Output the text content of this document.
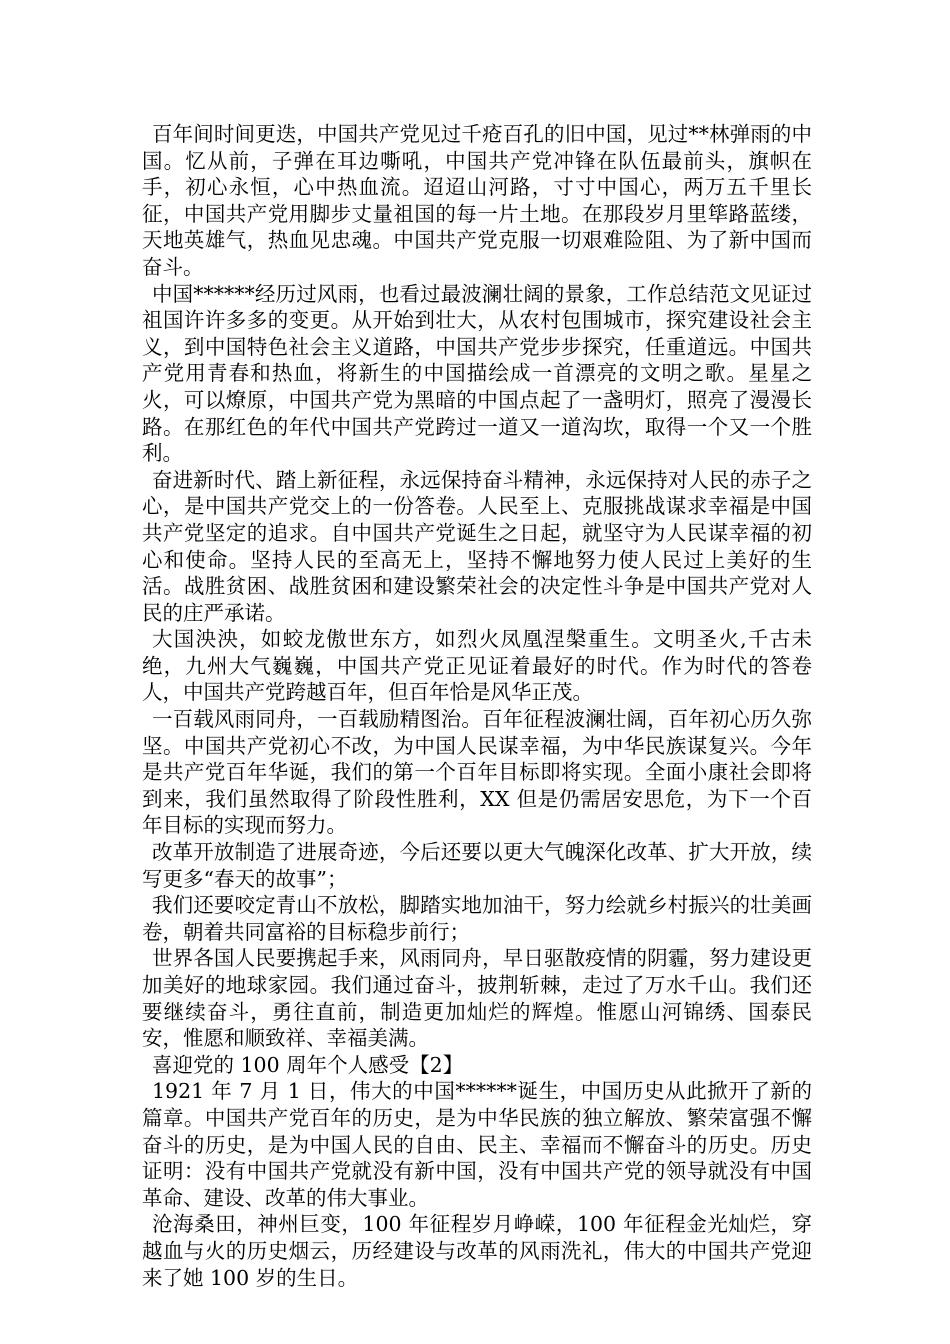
百年间时间更迭，中国共产党见过千疮百孔的旧中国，见过**林弹雨的中国。忆从前，子弹在耳边嘶吼，中国共产党冲锋在队伍最前头，旗帜在手，初心永恒，心中热血流。迢迢山河路，寸寸中国心，两万五千里长征，中国共产党用脚步丈量祖国的每一片土地。在那段岁月里筚路蓝缕，天地英雄气，热血见忠魂。中国共产党克服一切艰难险阻、为了新中国而奋斗。

中国******经历过风雨，也看过最波澜壮阔的景象，工作总结范文见证过祖国许许多多的变更。从开始到壮大，从农村包围城市，探究建设社会主义，到中国特色社会主义道路，中国共产党步步探究，任重道远。中国共产党用青春和热血，将新生的中国描绘成一首漂亮的文明之歌。星星之火，可以燎原，中国共产党为黑暗的中国点起了一盏明灯，照亮了漫漫长路。在那红色的年代中国共产党跨过一道又一道沟坎，取得一个又一个胜利。

奋进新时代、踏上新征程，永远保持奋斗精神，永远保持对人民的赤子之心，是中国共产党交上的一份答卷。人民至上、克服挑战谋求幸福是中国共产党坚定的追求。自中国共产党诞生之日起，就坚守为人民谋幸福的初心和使命。坚持人民的至高无上，坚持不懈地努力使人民过上美好的生活。战胜贫困、战胜贫困和建设繁荣社会的决定性斗争是中国共产党对人民的庄严承诺。

大国泱泱，如蛟龙傲世东方，如烈火凤凰涅槃重生。文明圣火,千古未绝，九州大气巍巍，中国共产党正见证着最好的时代。作为时代的答卷人，中国共产党跨越百年，但百年恰是风华正茂。

一百载风雨同舟，一百载励精图治。百年征程波澜壮阔，百年初心历久弥坚。中国共产党初心不改，为中国人民谋幸福，为中华民族谋复兴。今年是共产党百年华诞，我们的第一个百年目标即将实现。全面小康社会即将到来，我们虽然取得了阶段性胜利，XX 但是仍需居安思危，为下一个百年目标的实现而努力。

改革开放制造了进展奇迹，今后还要以更大气魄深化改革、扩大开放，续写更多“春天的故事”；

我们还要咬定青山不放松，脚踏实地加油干，努力绘就乡村振兴的壮美画卷，朝着共同富裕的目标稳步前行；

世界各国人民要携起手来，风雨同舟，早日驱散疫情的阴霾，努力建设更加美好的地球家园。我们通过奋斗，披荆斩棘，走过了万水千山。我们还要继续奋斗，勇往直前，制造更加灿烂的辉煌。惟愿山河锦绣、国泰民安，惟愿和顺致祥、幸福美满。

喜迎党的 100 周年个人感受【2】

1921 年 7 月 1 日，伟大的中国******诞生，中国历史从此掀开了新的篇章。中国共产党百年的历史，是为中华民族的独立解放、繁荣富强不懈奋斗的历史，是为中国人民的自由、民主、幸福而不懈奋斗的历史。历史证明：没有中国共产党就没有新中国，没有中国共产党的领导就没有中国革命、建设、改革的伟大事业。

沧海桑田，神州巨变，100 年征程岁月峥嵘，100 年征程金光灿烂，穿越血与火的历史烟云，历经建设与改革的风雨洗礼，伟大的中国共产党迎来了她 100 岁的生日。
